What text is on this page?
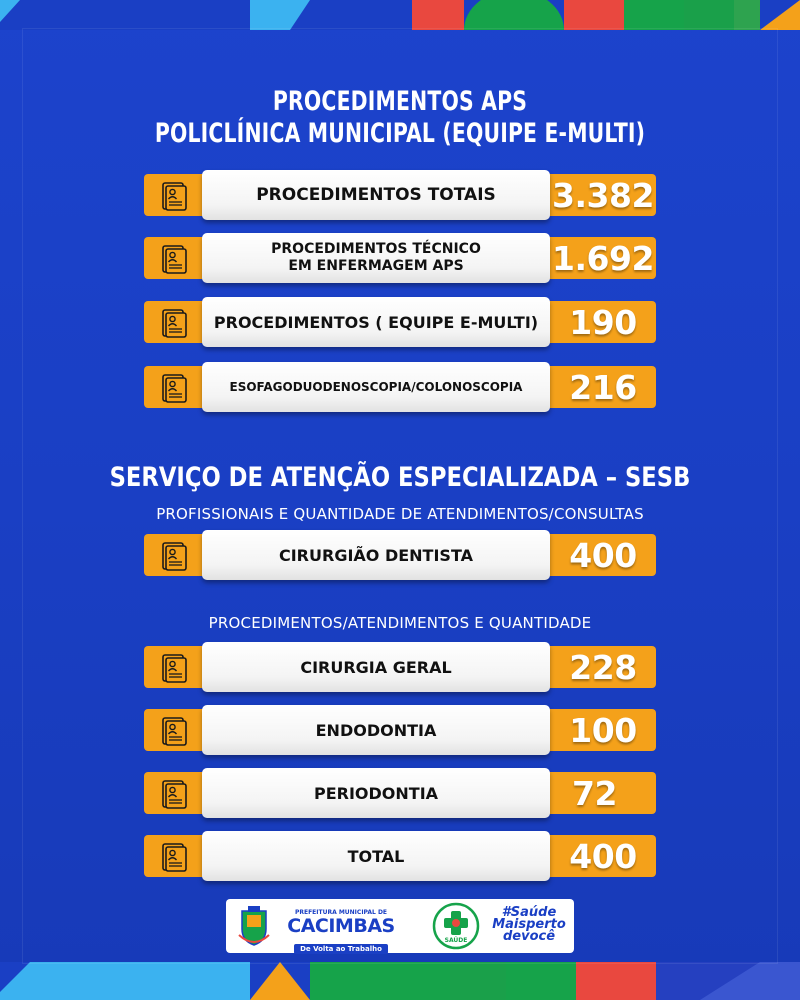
PROCEDIMENTOS APS
POLICLÍNICA MUNICIPAL (EQUIPE E-MULTI)
PROCEDIMENTOS TOTAIS 3.382
PROCEDIMENTOS TÉCNICO
EM ENFERMAGEM APS	1.692
PROCEDIMENTOS ( EQUIPE E-MULTI) 190
ESOFAGODUODENOSCOPIA/COLONOSCOPIA	216
SERVIÇO DE ATENÇÃO ESPECIALIZADA – SESB
PROFISSIONAIS E QUANTIDADE DE ATENDIMENTOS/CONSULTAS
CIRURGIÃO DENTISTA	400
PROCEDIMENTOS/ATENDIMENTOS E QUANTIDADE
CIRURGIA GERAL	228
ENDODONTIA	100
PERIODONTIA	72
TOTAL	400
PREFEITURA MUNICIPAL DE
CACIMBAS
De Volta ao Trabalho
SAÚDE
#Saúde
Maisperto
devocê
